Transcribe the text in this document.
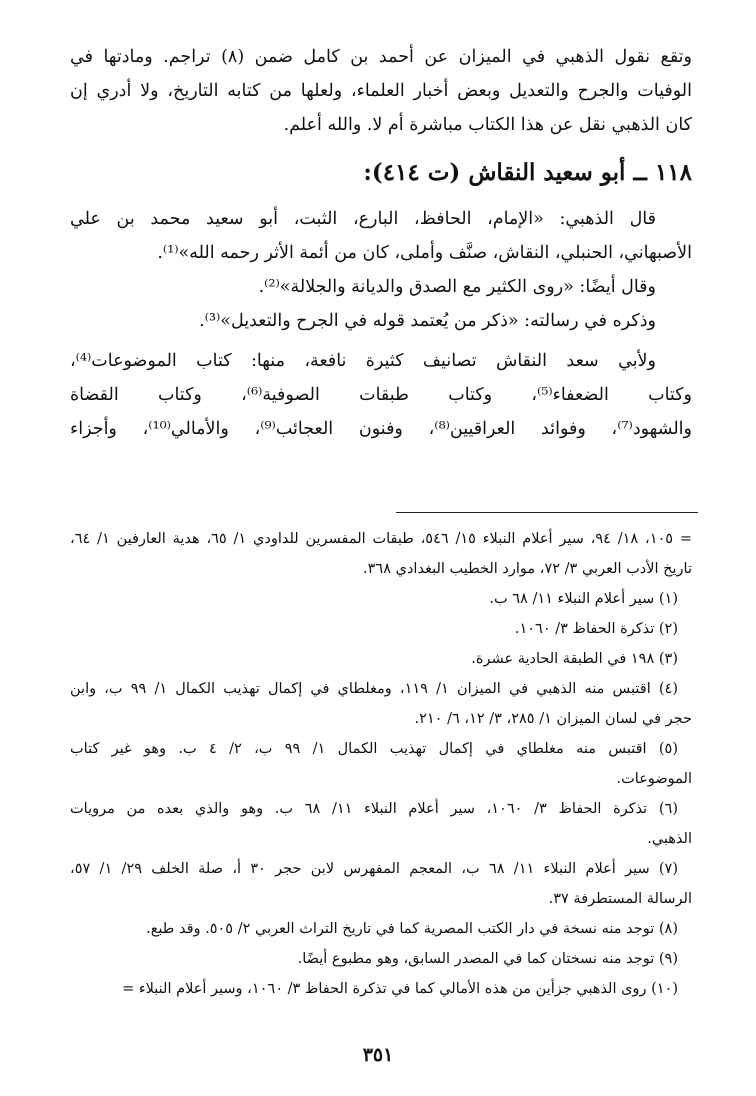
وتقع نقول الذهبي في الميزان عن أحمد بن كامل ضمن (٨) تراجم. ومادتها في
الوفيات والجرح والتعديل وبعض أخبار العلماء، ولعلها من كتابه التاريخ، ولا أدري إن
كان الذهبي نقل عن هذا الكتاب مباشرة أم لا. والله أعلم.
١١٨ ــ أبو سعيد النقاش (ت ٤١٤):
قال الذهبي: «الإمام، الحافظ، البارع، الثبت، أبو سعيد محمد بن علي
الأصبهاني، الحنبلي، النقاش، صنَّف وأملى، كان من أئمة الأثر رحمه الله»⁽¹⁾.
وقال أيضًا: «روى الكثير مع الصدق والديانة والجلالة»⁽²⁾.
وذكره في رسالته: «ذكر من يُعتمد قوله في الجرح والتعديل»⁽³⁾.
ولأبي سعد النقاش تصانيف كثيرة نافعة، منها: كتاب الموضوعات⁽⁴⁾،
وكتاب الضعفاء⁽⁵⁾، وكتاب طبقات الصوفية⁽⁶⁾، وكتاب القضاة
والشهود⁽⁷⁾، وفوائد العراقيين⁽⁸⁾، وفنون العجائب⁽⁹⁾، والأمالي⁽¹⁰⁾، وأجزاء
= ١٠٥، ١٨/ ٩٤، سير أعلام النبلاء ١٥/ ٥٤٦، طبقات المفسرين للداودي ١/ ٦٥، هدية العارفين ١/ ٦٤،
تاريخ الأدب العربي ٣/ ٧٢، موارد الخطيب البغدادي ٣٦٨.
(١) سير أعلام النبلاء ١١/ ٦٨ ب.
(٢) تذكرة الحفاظ ٣/ ١٠٦٠.
(٣) ١٩٨ في الطبقة الحادية عشرة.
(٤) اقتبس منه الذهبي في الميزان ١/ ١١٩، ومغلطاي في إكمال تهذيب الكمال ١/ ٩٩ ب، وابن
حجر في لسان الميزان ١/ ٢٨٥، ٣/ ١٢، ٦/ ٢١٠.
(٥) اقتبس منه مغلطاي في إكمال تهذيب الكمال ١/ ٩٩ ب، ٢/ ٤ ب. وهو غير كتاب
الموضوعات.
(٦) تذكرة الحفاظ ٣/ ١٠٦٠، سير أعلام النبلاء ١١/ ٦٨ ب. وهو والذي بعده من مرويات
الذهبي.
(٧) سير أعلام النبلاء ١١/ ٦٨ ب، المعجم المفهرس لابن حجر ٣٠ أ، صلة الخلف ٢٩/ ١/ ٥٧،
الرسالة المستطرفة ٣٧.
(٨) توجد منه نسخة في دار الكتب المصرية كما في تاريخ التراث العربي ٢/ ٥٠٥. وقد طبع.
(٩) توجد منه نسختان كما في المصدر السابق، وهو مطبوع أيضًا.
(١٠) روى الذهبي جزأين من هذه الأمالي كما في تذكرة الحفاظ ٣/ ١٠٦٠، وسير أعلام النبلاء =
٣٥١
